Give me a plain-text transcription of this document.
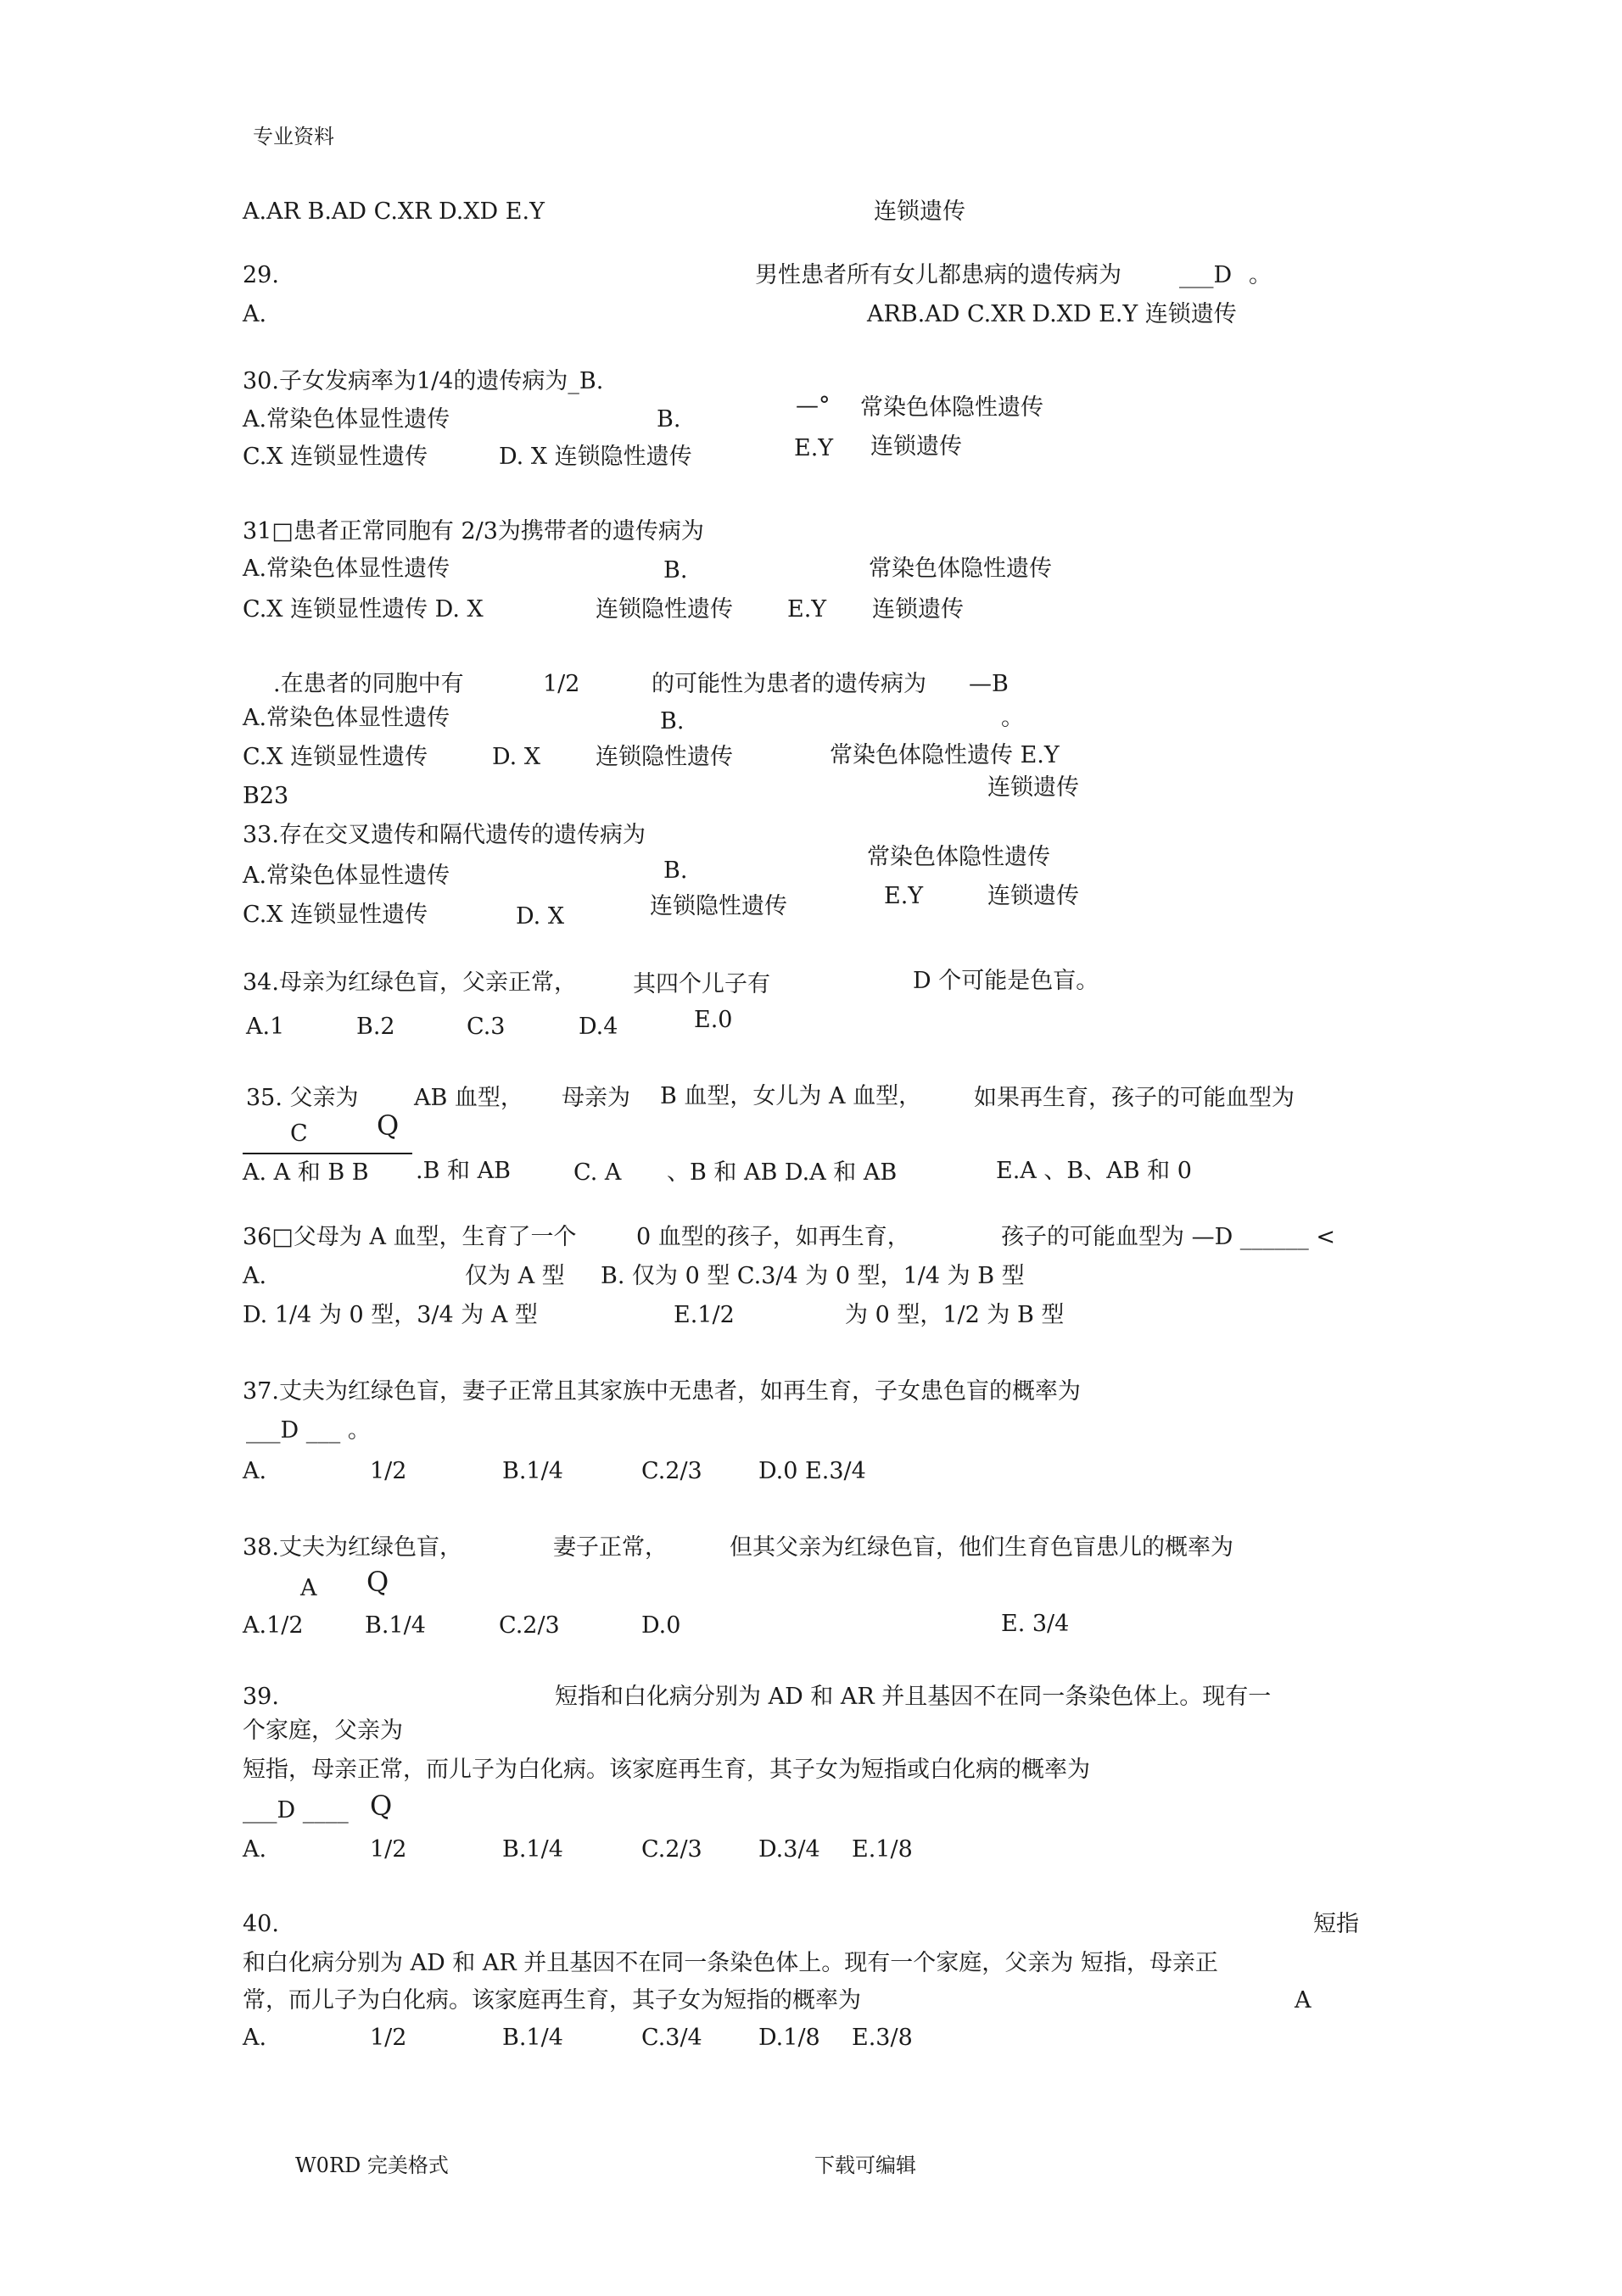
专业资料
A.AR B.AD C.XR D.XD E.Y	连锁遗传
29.	男性患者所有女儿都患病的遗传病为	___D 。
A.	ARB.AD C.XR D.XD E.Y 连锁遗传
30.子女发病率为1/4的遗传病为_B.
A.常染色体显性遗传	B.
—° 常染色体隐性遗传
C.X 连锁显性遗传	D. X 连锁隐性遗传	E.Y 连锁遗传
31□患者正常同胞有 2/3为携带者的遗传病为
A.常染色体显性遗传	B.	常染色体隐性遗传
C.X 连锁显性遗传 D. X	连锁隐性遗传 E.Y 连锁遗传
.在患者的同胞中有	1/2	的可能性为患者的遗传病为 —B
A.常染色体显性遗传	B.	。
C.X 连锁显性遗传	D. X 连锁隐性遗传	常染色体隐性遗传 E.Y
连锁遗传
B23
33.存在交叉遗传和隔代遗传的遗传病为
B.
常染色体隐性遗传
A.常染色体显性遗传
E.Y	连锁遗传
C.X 连锁显性遗传	D. X	连锁隐性遗传
34.母亲为红绿色盲，父亲正常， 其四个儿子有	D 个可能是色盲。
A.1	B.2	C.3	D.4	E.0
35. 父亲为 AB 血型， 母亲为 B 血型，女儿为 A 血型， 如果再生育，孩子的可能血型为
C	Q
A. A 和 B B .B 和 AB	C. A 、B 和 AB D.A 和 AB	E.A 、B、AB 和 0
36□父母为 A 血型，生育了一个	0 血型的孩子，如再生育，	孩子的可能血型为 —D ______ <
A.	仅为 A 型 B. 仅为 0 型 C.3/4 为 0 型，1/4 为 B 型
D. 1/4 为 0 型，3/4 为 A 型	E.1/2	为 0 型，1/2 为 B 型
37.丈夫为红绿色盲，妻子正常且其家族中无患者，如再生育，子女患色盲的概率为
___D ___ 。
A.	1/2	B.1/4	C.2/3 D.0 E.3/4
38.丈夫为红绿色盲，	妻子正常，	但其父亲为红绿色盲，他们生育色盲患儿的概率为
A Q
A.1/2	B.1/4	C.2/3	D.0	E. 3/4
39.	短指和白化病分别为 AD 和 AR 并且基因不在同一条染色体上。现有一
个家庭，父亲为
短指，母亲正常，而儿子为白化病。该家庭再生育，其子女为短指或白化病的概率为
___D ____ Q
A.	1/2	B.1/4	C.2/3 D.3/4 E.1/8
40.	短指
和白化病分别为 AD 和 AR 并且基因不在同一条染色体上。现有一个家庭，父亲为 短指，母亲正
常，而儿子为白化病。该家庭再生育，其子女为短指的概率为	A
A.	1/2	B.1/4	C.3/4 D.1/8 E.3/8
W0RD 完美格式	下载可编辑
